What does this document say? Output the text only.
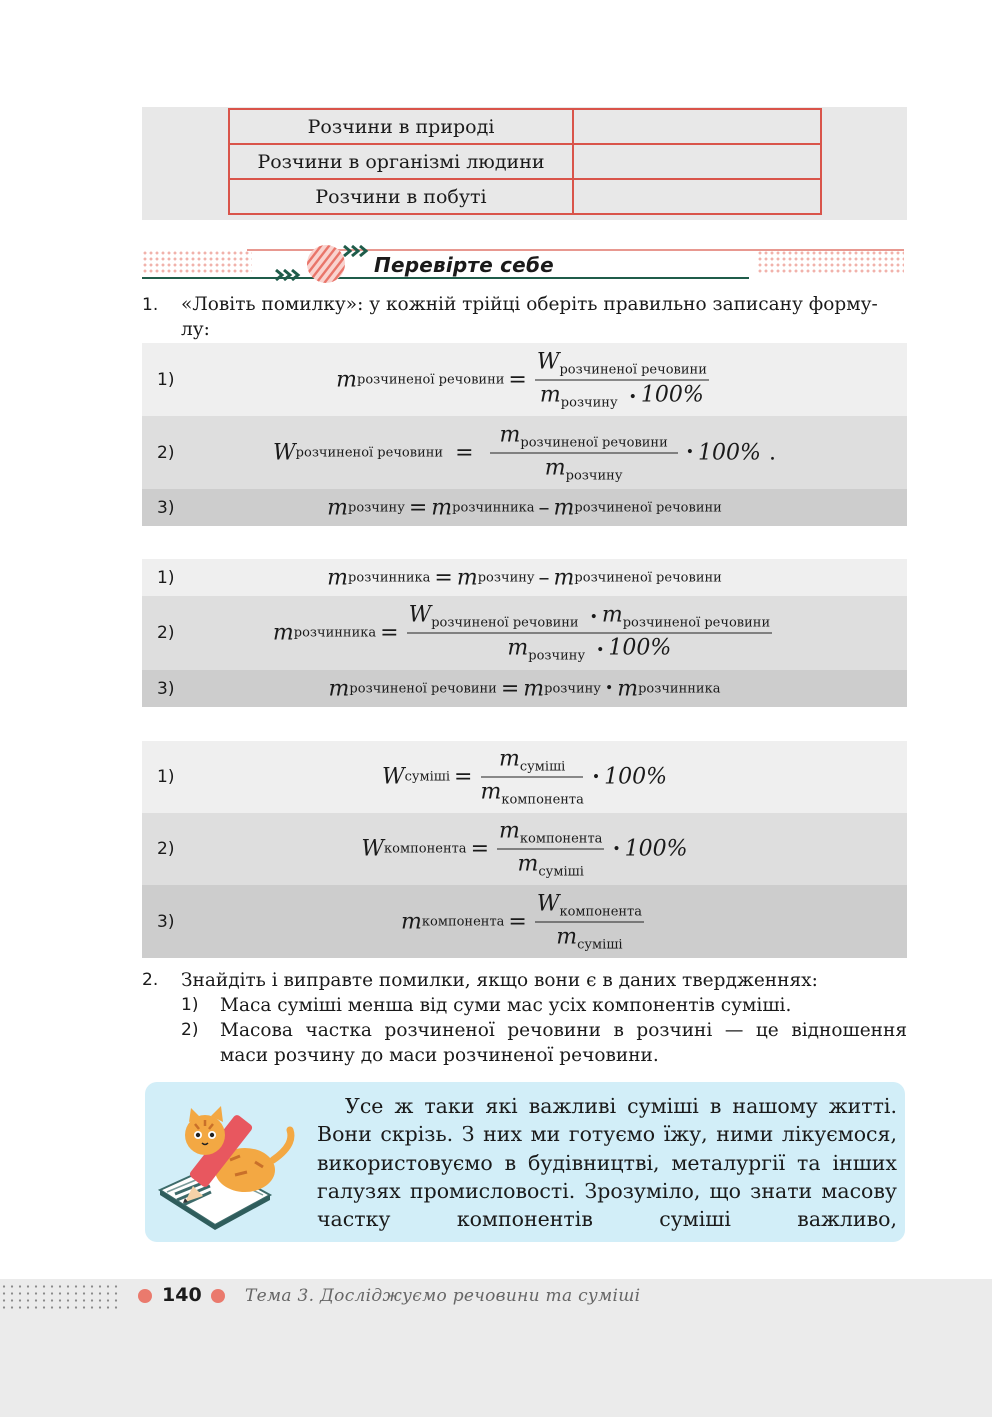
Розчини в природі	
Розчини в організмі людини	
Розчини в побуті	
Перевірте себе
1. «Ловіть помилку»: у кожній трійці оберіть правильно записану форму-
лу:
1)	m розчиненої речовини = $\frac{W_{розчиненої речовини}}{m_{розчину} • 100\%}$
2)	W розчиненої речовини = $\frac{m_{розчиненої речовини}}{m_{розчину}}$ • 100% .
3)	m розчину = m розчинника – m розчиненої речовини
1)	m розчинника = m розчину – m розчиненої речовини
2)	m розчинника = $\frac{W_{розчиненої речовини} • m_{розчиненої речовини}}{m_{розчину} • 100\%}$
3)	m розчиненої речовини = m розчину • m розчинника
1)	W суміші = $\frac{m_{суміші}}{m_{компонента}}$ • 100%
2)	W компонента = $\frac{m_{компонента}}{m_{суміші}}$ • 100%
3)	m компонента = $\frac{W_{компонента}}{m_{суміші}}$
2. Знайдіть і виправте помилки, якщо вони є в даних твердженнях:
1) Маса суміші менша від суми мас усіх компонентів суміші.
2) Масова частка розчиненої речовини в розчині — це відношення маси розчину до маси розчиненої речовини.
Усе ж таки які важливі суміші в нашому житті. Вони скрізь. З них ми готуємо їжу, ними лікуємося, використовуємо в будівництві, металургії та інших галузях промисловості. Зрозуміло, що знати масову частку компонентів суміші важливо,
140	Тема 3. Досліджуємо речовини та суміші
